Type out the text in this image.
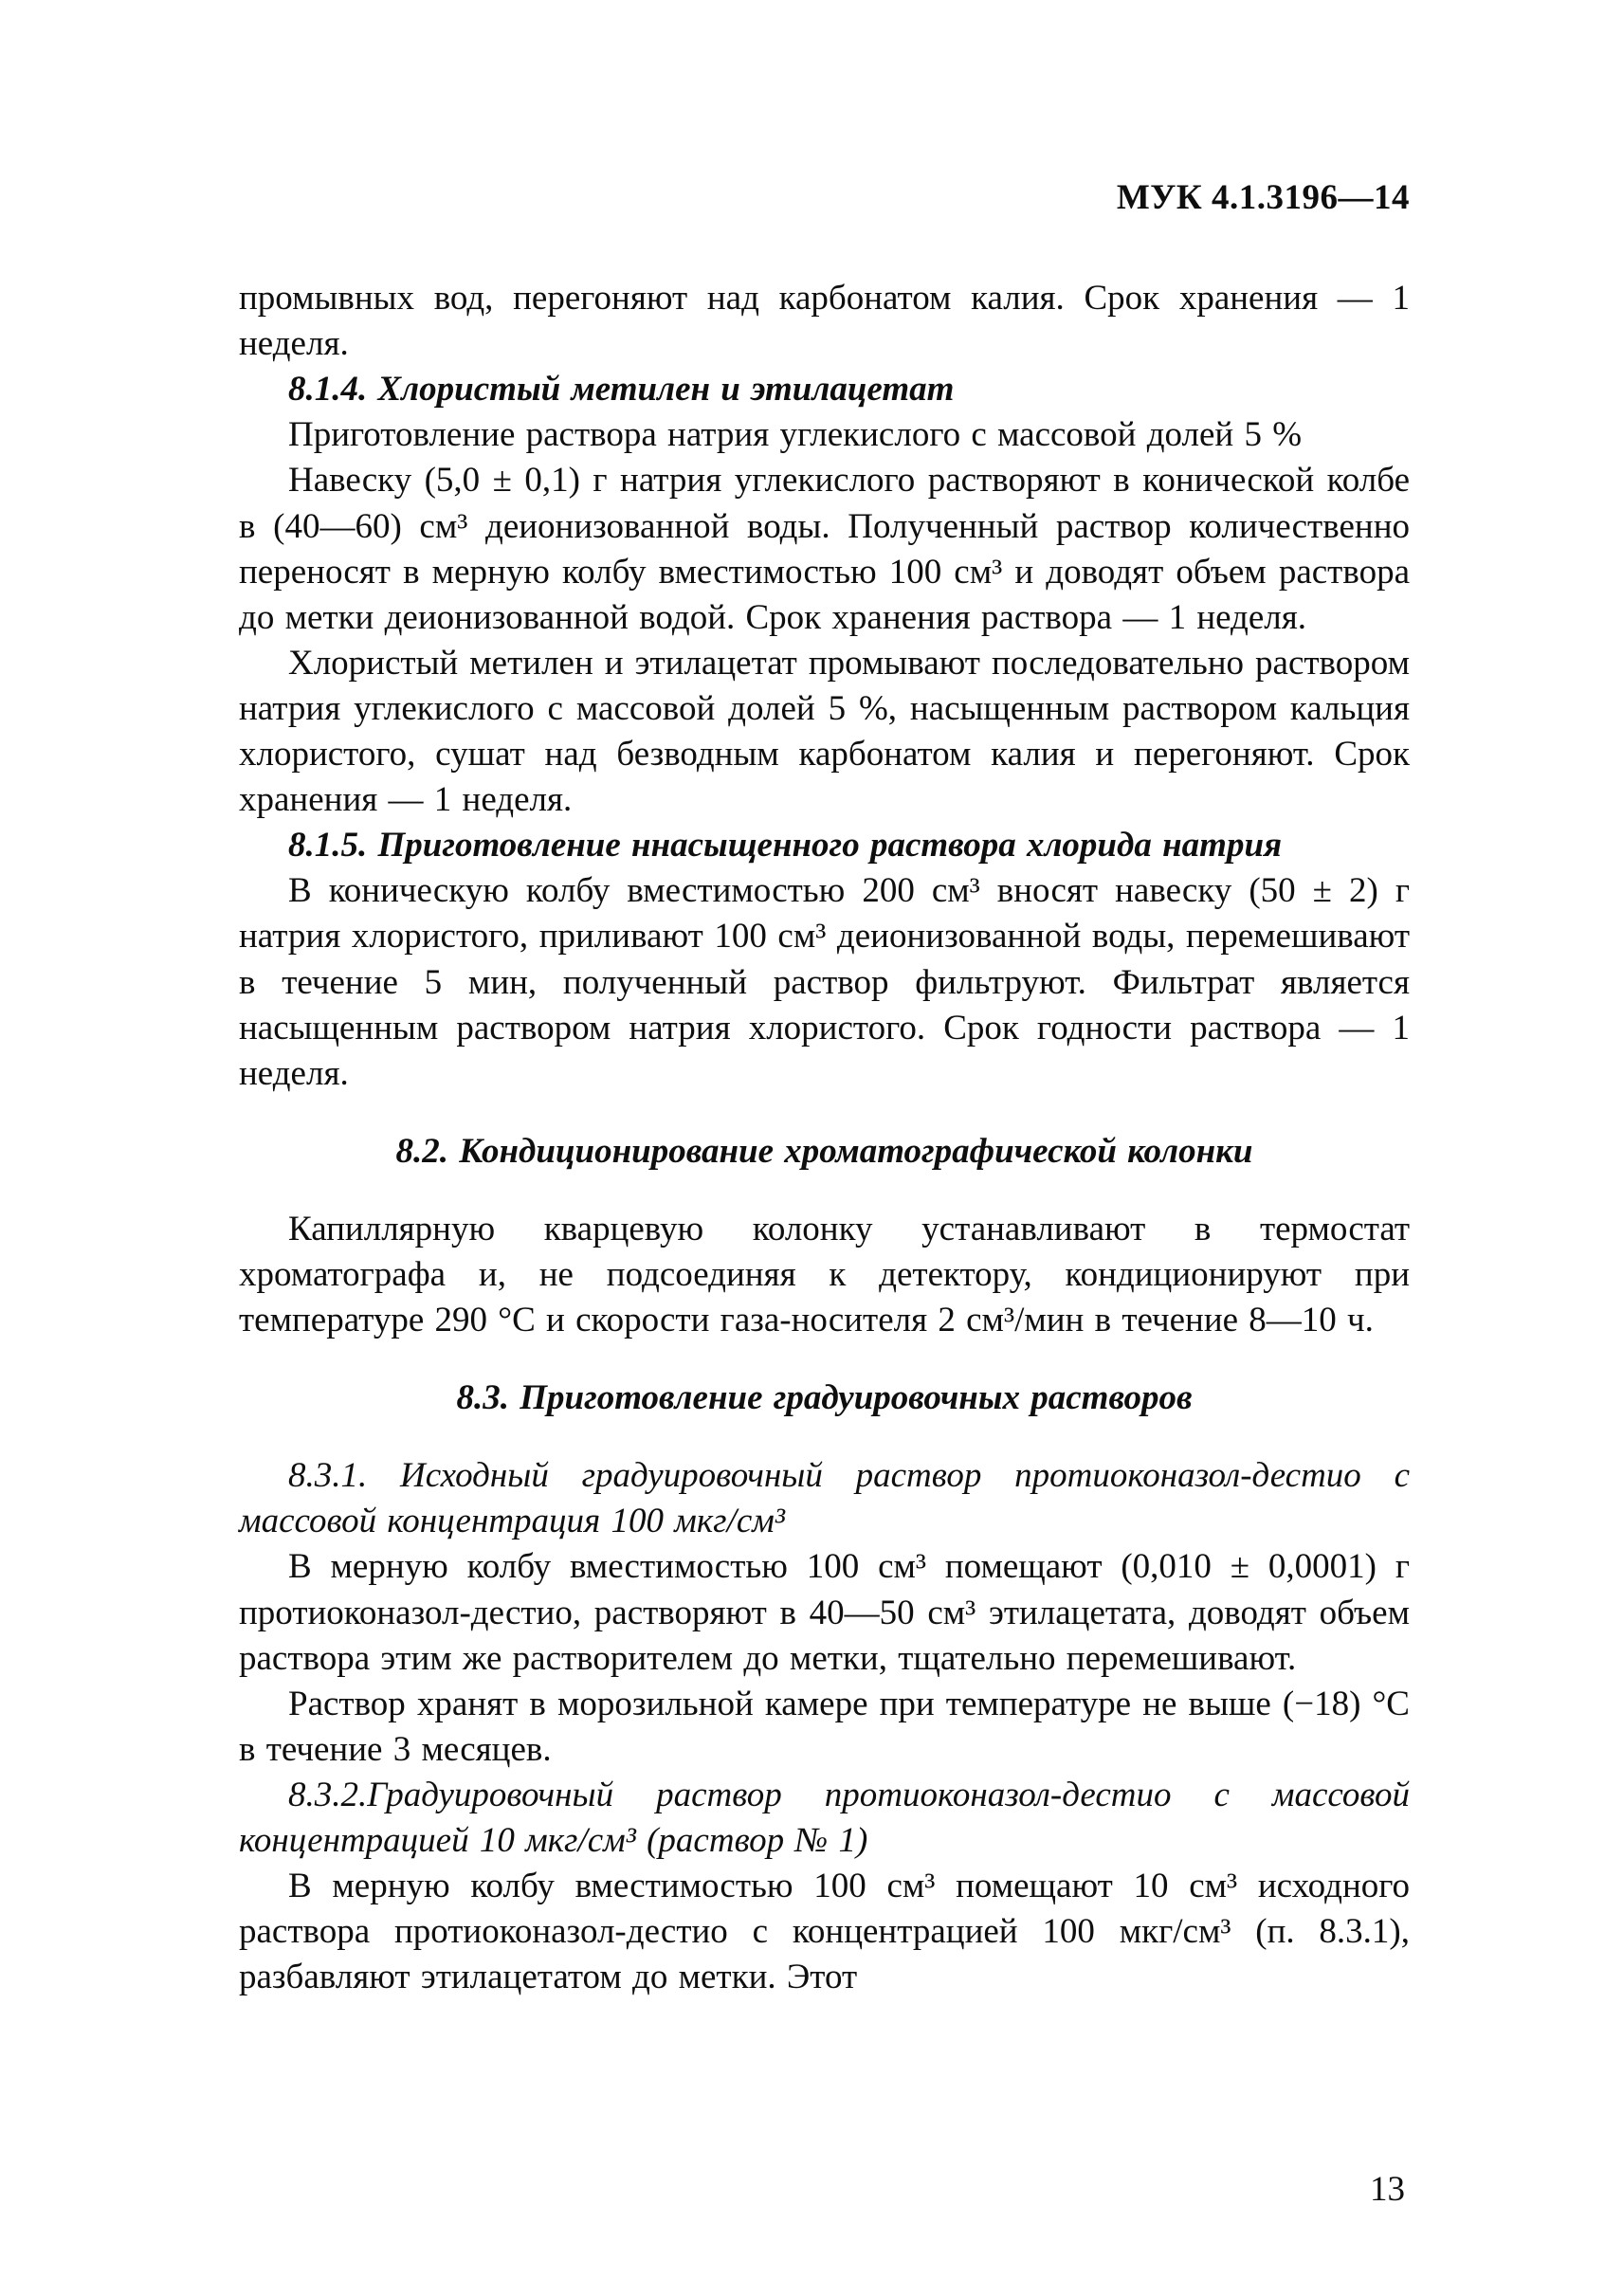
МУК 4.1.3196—14

промывных вод, перегоняют над карбонатом калия. Срок хранения — 1 неделя.

8.1.4. Хлористый метилен и этилацетат

Приготовление раствора натрия углекислого с массовой долей 5 %

Навеску (5,0 ± 0,1) г натрия углекислого растворяют в конической колбе в (40—60) см³ деионизованной воды. Полученный раствор количественно переносят в мерную колбу вместимостью 100 см³ и доводят объем раствора до метки деионизованной водой. Срок хранения раствора — 1 неделя.

Хлористый метилен и этилацетат промывают последовательно раствором натрия углекислого с массовой долей 5 %, насыщенным раствором кальция хлористого, сушат над безводным карбонатом калия и перегоняют. Срок хранения — 1 неделя.

8.1.5. Приготовление ннасыщенного раствора хлорида натрия

В коническую колбу вместимостью 200 см³ вносят навеску (50 ± 2) г натрия хлористого, приливают 100 см³ деионизованной воды, перемешивают в течение 5 мин, полученный раствор фильтруют. Фильтрат является насыщенным раствором натрия хлористого. Срок годности раствора — 1 неделя.

8.2. Кондиционирование хроматографической колонки

Капиллярную кварцевую колонку устанавливают в термостат хроматографа и, не подсоединяя к детектору, кондиционируют при температуре 290 °С и скорости газа-носителя 2 см³/мин в течение 8—10 ч.

8.3. Приготовление градуировочных растворов

8.3.1. Исходный градуировочный раствор протиоконазол-дестио с массовой концентрация 100 мкг/см³

В мерную колбу вместимостью 100 см³ помещают (0,010 ± 0,0001) г протиоконазол-дестио, растворяют в 40—50 см³ этилацетата, доводят объем раствора этим же растворителем до метки, тщательно перемешивают.

Раствор хранят в морозильной камере при температуре не выше (−18) °С в течение 3 месяцев.

8.3.2.Градуировочный раствор протиоконазол-дестио с массовой концентрацией 10 мкг/см³ (раствор № 1)

В мерную колбу вместимостью 100 см³ помещают 10 см³ исходного раствора протиоконазол-дестио с концентрацией 100 мкг/см³ (п. 8.3.1), разбавляют этилацетатом до метки. Этот

13
